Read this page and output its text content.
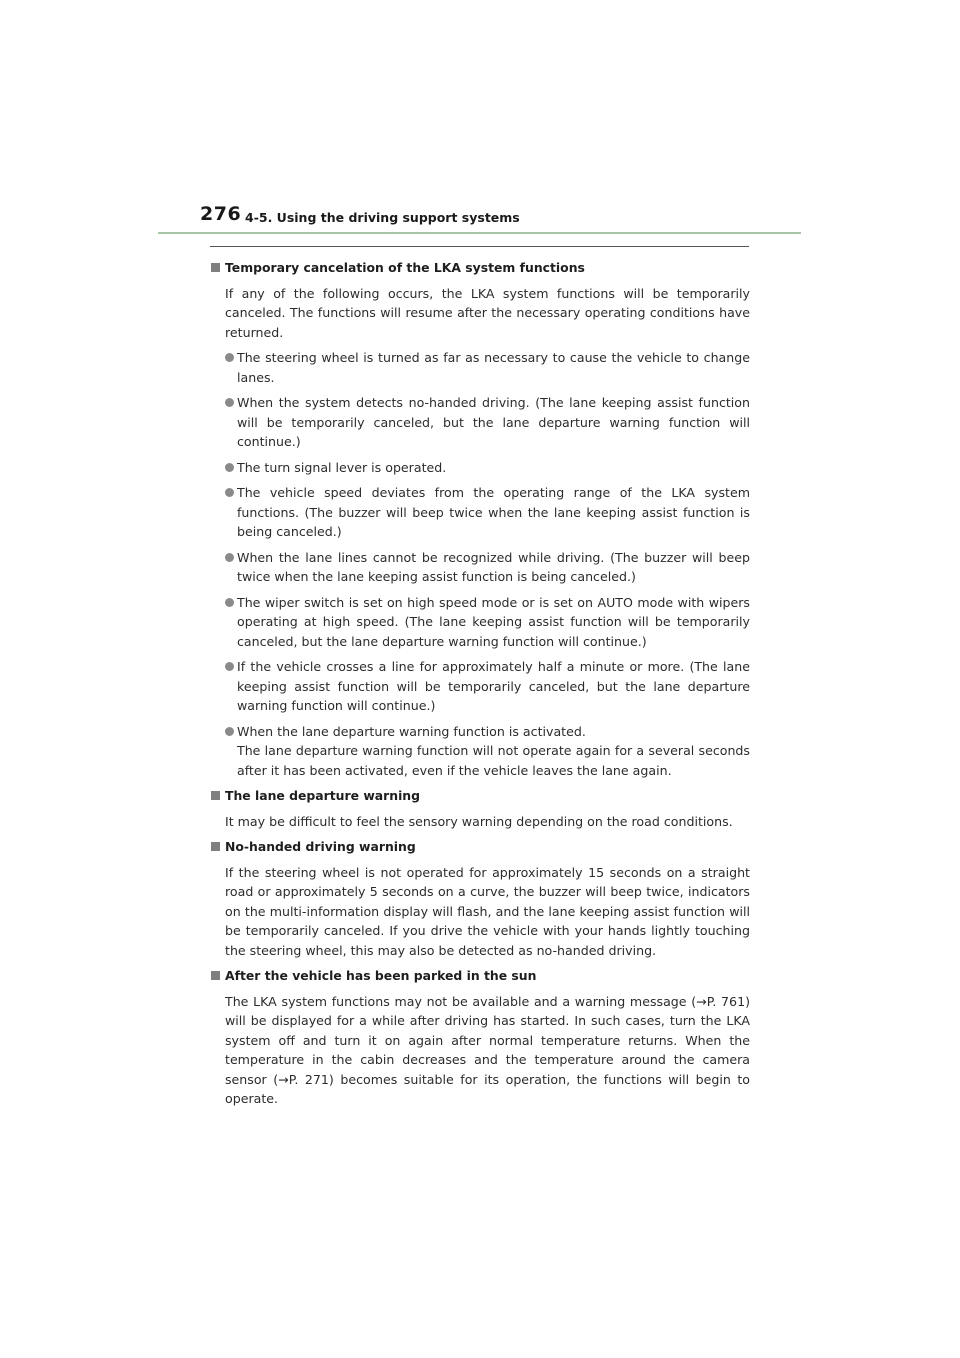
276 4-5. Using the driving support systems
Temporary cancelation of the LKA system functions
If any of the following occurs, the LKA system functions will be temporarily canceled. The functions will resume after the necessary operating conditions have returned.
The steering wheel is turned as far as necessary to cause the vehicle to change lanes.
When the system detects no-handed driving. (The lane keeping assist function will be temporarily canceled, but the lane departure warning function will continue.)
The turn signal lever is operated.
The vehicle speed deviates from the operating range of the LKA system functions. (The buzzer will beep twice when the lane keeping assist function is being canceled.)
When the lane lines cannot be recognized while driving. (The buzzer will beep twice when the lane keeping assist function is being canceled.)
The wiper switch is set on high speed mode or is set on AUTO mode with wipers operating at high speed. (The lane keeping assist function will be temporarily canceled, but the lane departure warning function will continue.)
If the vehicle crosses a line for approximately half a minute or more. (The lane keeping assist function will be temporarily canceled, but the lane departure warning function will continue.)
When the lane departure warning function is activated.
The lane departure warning function will not operate again for a several seconds after it has been activated, even if the vehicle leaves the lane again.
The lane departure warning
It may be difficult to feel the sensory warning depending on the road conditions.
No-handed driving warning
If the steering wheel is not operated for approximately 15 seconds on a straight road or approximately 5 seconds on a curve, the buzzer will beep twice, indicators on the multi-information display will flash, and the lane keeping assist function will be temporarily canceled. If you drive the vehicle with your hands lightly touching the steering wheel, this may also be detected as no-handed driving.
After the vehicle has been parked in the sun
The LKA system functions may not be available and a warning message (→P. 761) will be displayed for a while after driving has started. In such cases, turn the LKA system off and turn it on again after normal temperature returns. When the temperature in the cabin decreases and the temperature around the camera sensor (→P. 271) becomes suitable for its operation, the functions will begin to operate.
